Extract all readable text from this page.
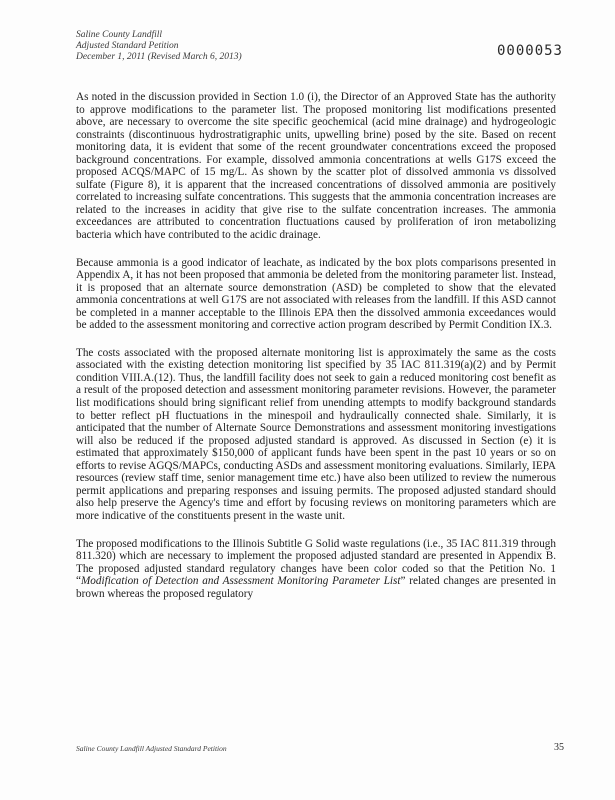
Saline County Landfill
Adjusted Standard Petition
December 1, 2011 (Revised March 6, 2013)	0000053

As noted in the discussion provided in Section 1.0 (i), the Director of an Approved State has the authority to approve modifications to the parameter list. The proposed monitoring list modifications presented above, are necessary to overcome the site specific geochemical (acid mine drainage) and hydrogeologic constraints (discontinuous hydrostratigraphic units, upwelling brine) posed by the site. Based on recent monitoring data, it is evident that some of the recent groundwater concentrations exceed the proposed background concentrations. For example, dissolved ammonia concentrations at wells G17S exceed the proposed ACQS/MAPC of 15 mg/L. As shown by the scatter plot of dissolved ammonia vs dissolved sulfate (Figure 8), it is apparent that the increased concentrations of dissolved ammonia are positively correlated to increasing sulfate concentrations. This suggests that the ammonia concentration increases are related to the increases in acidity that give rise to the sulfate concentration increases. The ammonia exceedances are attributed to concentration fluctuations caused by proliferation of iron metabolizing bacteria which have contributed to the acidic drainage.

Because ammonia is a good indicator of leachate, as indicated by the box plots comparisons presented in Appendix A, it has not been proposed that ammonia be deleted from the monitoring parameter list. Instead, it is proposed that an alternate source demonstration (ASD) be completed to show that the elevated ammonia concentrations at well G17S are not associated with releases from the landfill. If this ASD cannot be completed in a manner acceptable to the Illinois EPA then the dissolved ammonia exceedances would be added to the assessment monitoring and corrective action program described by Permit Condition IX.3.

The costs associated with the proposed alternate monitoring list is approximately the same as the costs associated with the existing detection monitoring list specified by 35 IAC 811.319(a)(2) and by Permit condition VIII.A.(12). Thus, the landfill facility does not seek to gain a reduced monitoring cost benefit as a result of the proposed detection and assessment monitoring parameter revisions. However, the parameter list modifications should bring significant relief from unending attempts to modify background standards to better reflect pH fluctuations in the minespoil and hydraulically connected shale. Similarly, it is anticipated that the number of Alternate Source Demonstrations and assessment monitoring investigations will also be reduced if the proposed adjusted standard is approved. As discussed in Section (e) it is estimated that approximately $150,000 of applicant funds have been spent in the past 10 years or so on efforts to revise AGQS/MAPCs, conducting ASDs and assessment monitoring evaluations. Similarly, IEPA resources (review staff time, senior management time etc.) have also been utilized to review the numerous permit applications and preparing responses and issuing permits. The proposed adjusted standard should also help preserve the Agency's time and effort by focusing reviews on monitoring parameters which are more indicative of the constituents present in the waste unit.

The proposed modifications to the Illinois Subtitle G Solid waste regulations (i.e., 35 IAC 811.319 through 811.320) which are necessary to implement the proposed adjusted standard are presented in Appendix B. The proposed adjusted standard regulatory changes have been color coded so that the Petition No. 1 “Modification of Detection and Assessment Monitoring Parameter List” related changes are presented in brown whereas the proposed regulatory

Saline County Landfill Adjusted Standard Petition	35
